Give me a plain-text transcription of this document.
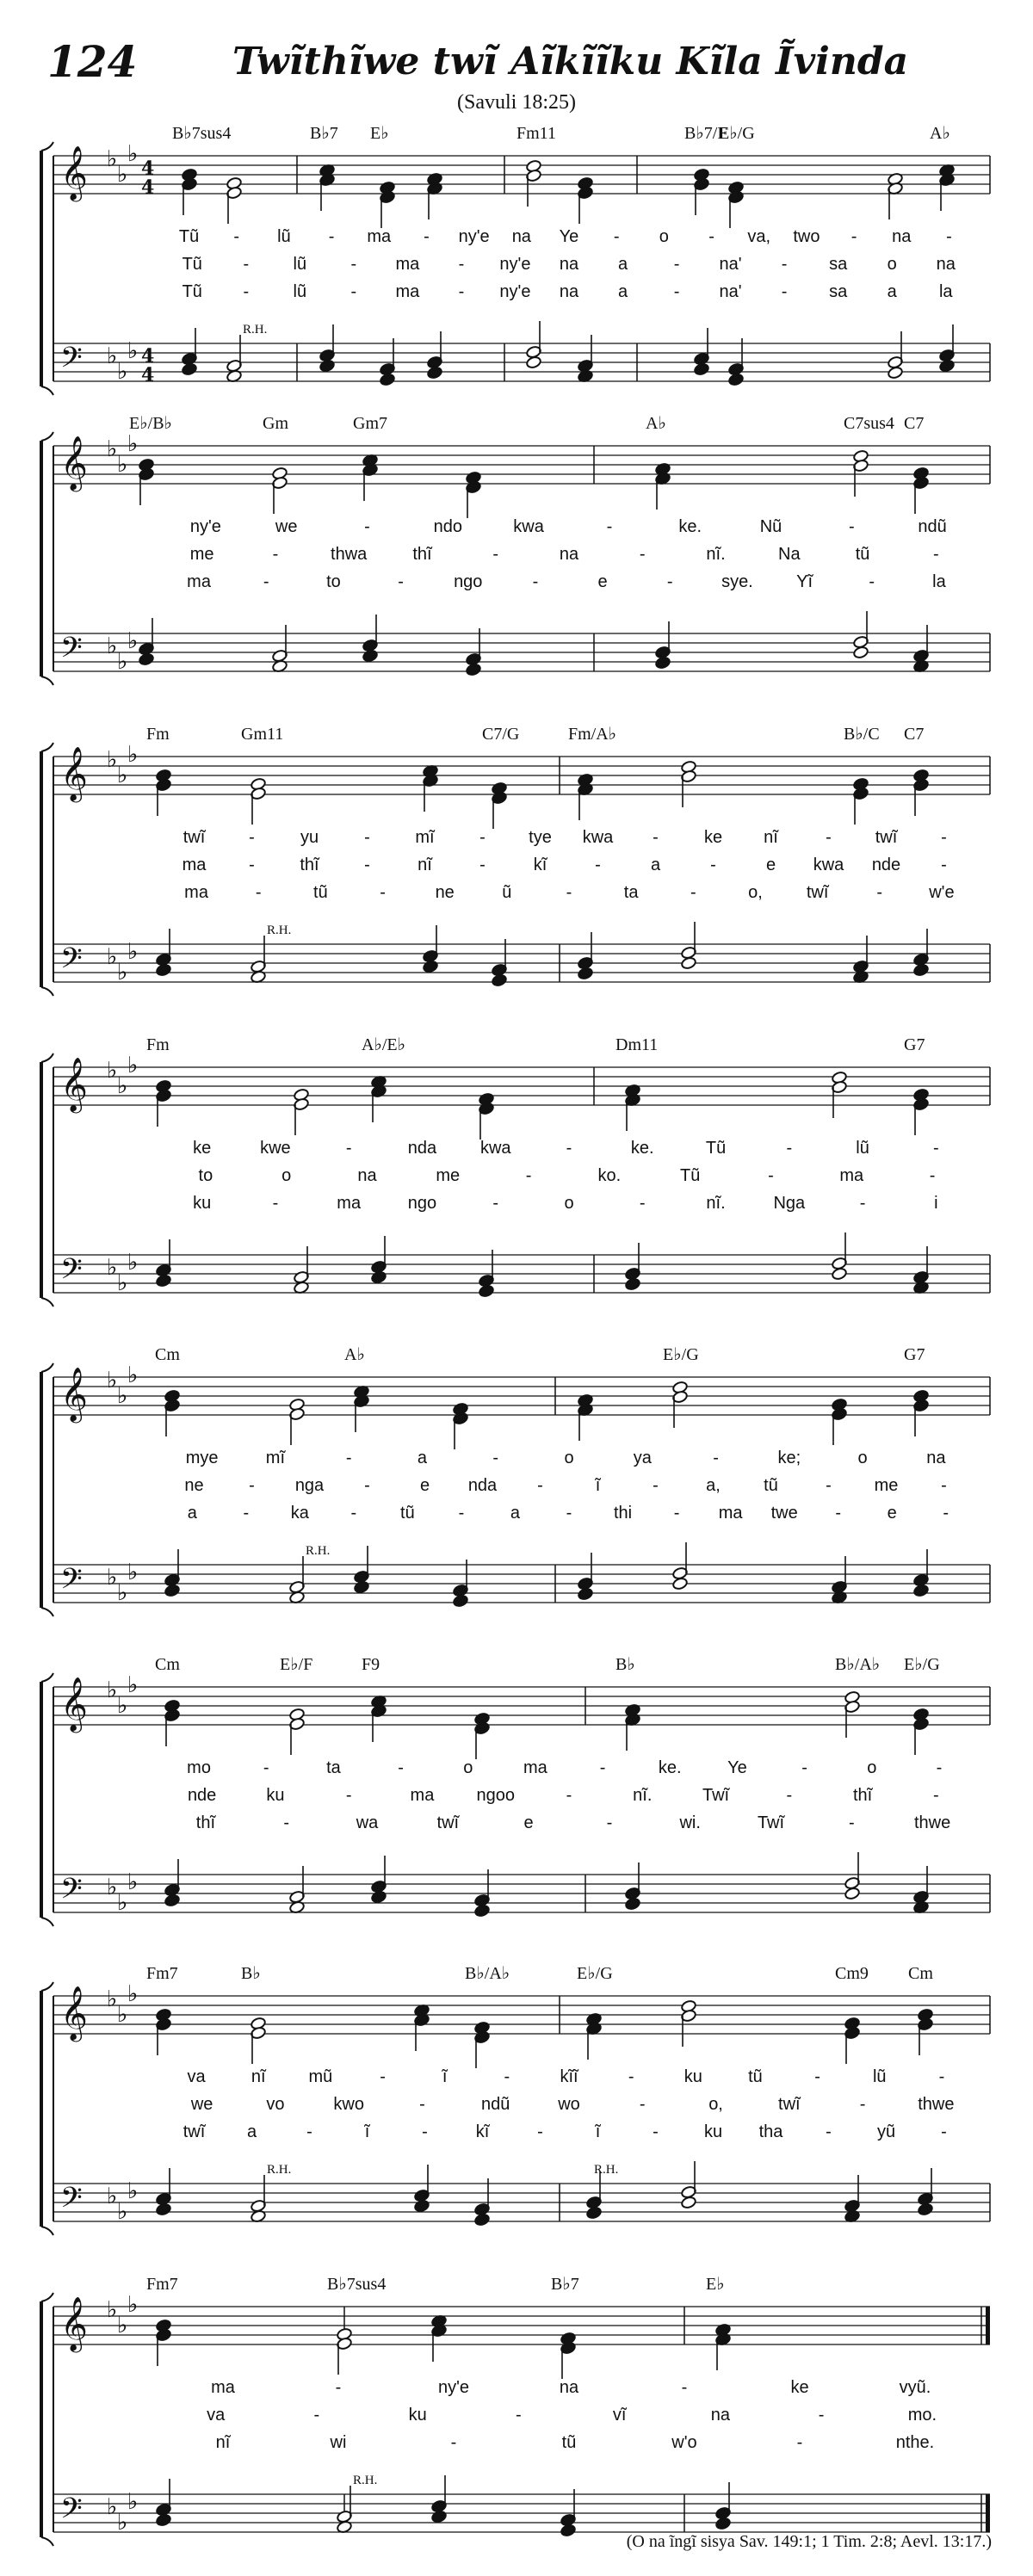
124	Twĩthĩwe twĩ Aĩkĩĩku Kĩla Ĩvinda
(Savuli 18:25)
𝄞
𝄢
♭
♭
♭
♭
♭
♭
4
4
4
4
B♭7sus4	B♭7 E♭	Fm11	B♭7/F
E♭/G	A♭
R.H.
Tũ - lũ - ma - ny'e na Ye - o - va, two - na -
Tũ -	lũ	- ma - ny'e na a	- na' - sa o na
Tũ -	lũ	- ma - ny'e na a	- na' - sa a la
𝄞
𝄢
♭
♭
♭
♭
♭
♭
E♭/B♭	Gm	Gm7	A♭	C7sus4 C7
ny'e	we	-	ndo	kwa	-	ke.	Nũ	-	ndũ
me	-	thwa	thĩ	-	na	-	nĩ.	Na	tũ	-
ma	-	to	-	ngo	-	e	-	sye.	Yĩ	-	la
𝄞
𝄢
♭
♭
♭
♭
♭
♭
Fm	Gm11	C7/G	Fm/A♭	B♭/C C7
R.H.
twĩ	-	yu	-	mĩ	-	tye kwa -	ke nĩ	-	twĩ	-
ma -	thĩ	-	nĩ	-	kĩ	-	a	-	e kwa nde -
ma	-	tũ	-	ne	ũ	-	ta	-	o,	twĩ	-	w'e
𝄞
𝄢
♭
♭
♭
♭
♭
♭
Fm	A♭/E♭	Dm11	G7
ke	kwe	-	nda	kwa	-	ke.	Tũ	-	lũ	-
to	o	na	me	-	ko.	Tũ	-	ma	-
ku	-	ma	ngo	-	o	-	nĩ.	Nga	-	i
𝄞
𝄢
♭
♭
♭
♭
♭
♭
Cm	A♭	E♭/G	G7
R.H.
mye	mĩ	-	a	-	o	ya	-	ke;	o	na
ne	- nga -	e nda -	ĩ	-	a,	tũ	- me -
a	- ka -	tũ	-	a	- thi - ma twe -	e	-
𝄞
𝄢
♭
♭
♭
♭
♭
♭
Cm	E♭/F	F9	B♭	B♭/A♭ E♭/G
mo	-	ta	-	o	ma	-	ke.	Ye	-	o	-
nde	ku	-	ma ngoo	-	nĩ.	Twĩ	-	thĩ	-
thĩ	-	wa	twĩ	e	-	wi.	Twĩ	-	thwe
𝄞
𝄢
♭
♭
♭
♭
♭
♭
Fm7	B♭	B♭/A♭	E♭/G	Cm9 Cm
R.H.	R.H.
va	nĩ mũ	-	ĩ	-	kĩĩ	-	ku	tũ	-	lũ	-
we	vo	kwo	-	ndũ	wo	-	o,	twĩ	-	thwe
twĩ a	-	ĩ	-	kĩ	-	ĩ	-	ku tha -	yũ	-
𝄞
𝄢
♭
♭
♭
♭
♭
♭
Fm7	B♭7sus4	B♭7	E♭
R.H.
ma	-	ny'e	na	-	ke	vyũ.
va	-	ku	-	vĩ	na	-	mo.
nĩ	wi	-	tũ	w'o	-	nthe.
(O na ĩngĩ sisya Sav. 149:1; 1 Tim. 2:8; Aevl. 13:17.)
